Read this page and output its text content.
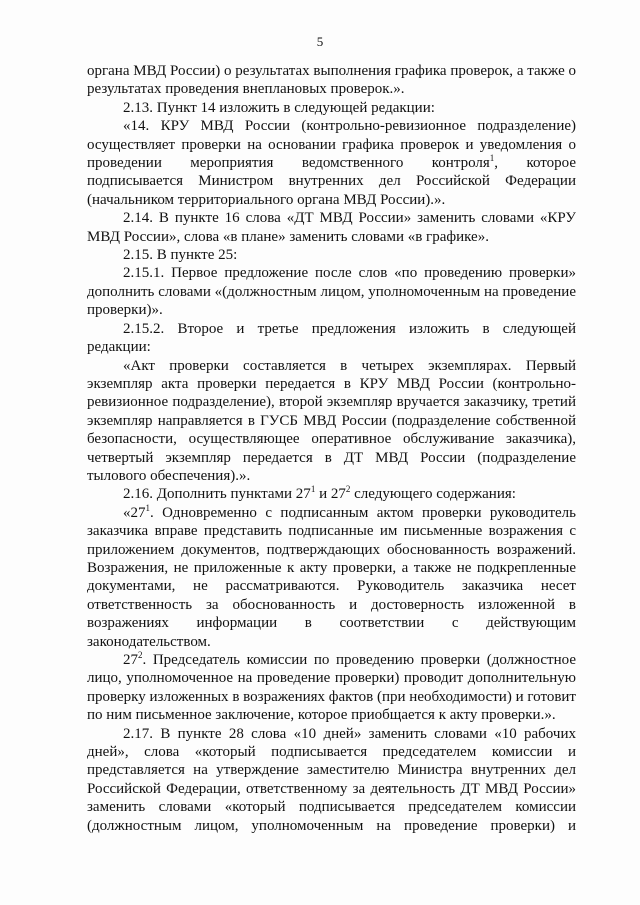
5

органа МВД России) о результатах выполнения графика проверок, а также о результатах проведения внеплановых проверок.».

2.13. Пункт 14 изложить в следующей редакции:

«14. КРУ МВД России (контрольно-ревизионное подразделение) осуществляет проверки на основании графика проверок и уведомления о проведении мероприятия ведомственного контроля$^1$, которое подписывается Министром внутренних дел Российской Федерации (начальником территориального органа МВД России).».

2.14. В пункте 16 слова «ДТ МВД России» заменить словами «КРУ МВД России», слова «в плане» заменить словами «в графике».

2.15. В пункте 25:

2.15.1. Первое предложение после слов «по проведению проверки» дополнить словами «(должностным лицом, уполномоченным на проведение проверки)».

2.15.2. Второе и третье предложения изложить в следующей редакции:

«Акт проверки составляется в четырех экземплярах. Первый экземпляр акта проверки передается в КРУ МВД России (контрольно-ревизионное подразделение), второй экземпляр вручается заказчику, третий экземпляр направляется в ГУСБ МВД России (подразделение собственной безопасности, осуществляющее оперативное обслуживание заказчика), четвертый экземпляр передается в ДТ МВД России (подразделение тылового обеспечения).».

2.16. Дополнить пунктами $27^1$ и $27^2$ следующего содержания:

«$27^1$. Одновременно с подписанным актом проверки руководитель заказчика вправе представить подписанные им письменные возражения с приложением документов, подтверждающих обоснованность возражений. Возражения, не приложенные к акту проверки, а также не подкрепленные документами, не рассматриваются. Руководитель заказчика несет ответственность за обоснованность и достоверность изложенной в возражениях информации в соответствии с действующим законодательством.

$27^2$. Председатель комиссии по проведению проверки (должностное лицо, уполномоченное на проведение проверки) проводит дополнительную проверку изложенных в возражениях фактов (при необходимости) и готовит по ним письменное заключение, которое приобщается к акту проверки.».

2.17. В пункте 28 слова «10 дней» заменить словами «10 рабочих дней», слова «который подписывается председателем комиссии и представляется на утверждение заместителю Министра внутренних дел Российской Федерации, ответственному за деятельность ДТ МВД России» заменить словами «который подписывается председателем комиссии (должностным лицом, уполномоченным на проведение проверки) и
